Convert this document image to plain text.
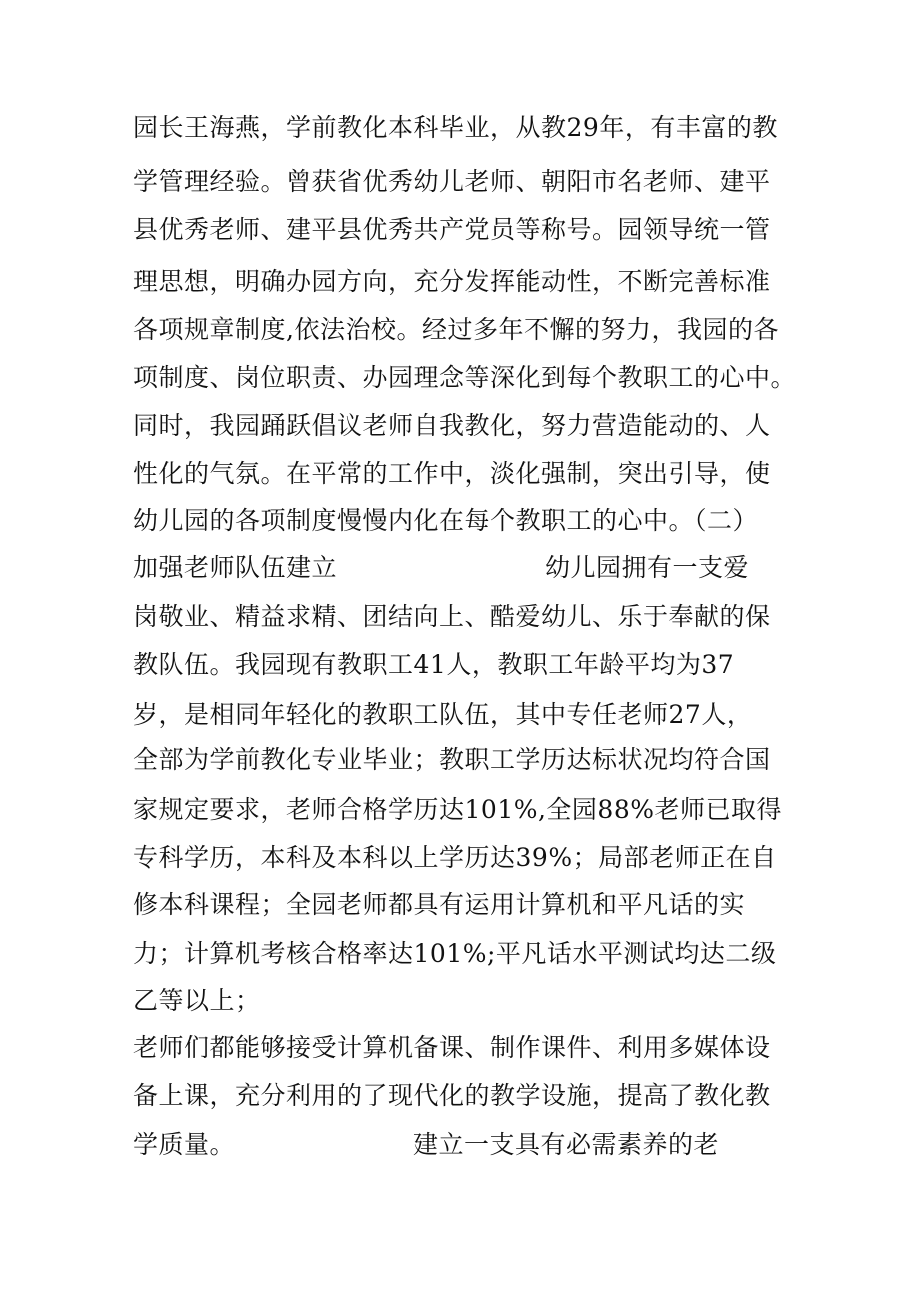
园长王海燕，学前教化本科毕业，从教29年，有丰富的教
学管理经验。曾获省优秀幼儿老师、朝阳市名老师、建平
县优秀老师、建平县优秀共产党员等称号。园领导统一管
理思想，明确办园方向，充分发挥能动性，不断完善标准
各项规章制度,依法治校。经过多年不懈的努力，我园的各
项制度、岗位职责、办园理念等深化到每个教职工的心中。
同时，我园踊跃倡议老师自我教化，努力营造能动的、人
性化的气氛。在平常的工作中，淡化强制，突出引导，使
幼儿园的各项制度慢慢内化在每个教职工的心中。（二）
加强老师队伍建立	幼儿园拥有一支爱
岗敬业、精益求精、团结向上、酷爱幼儿、乐于奉献的保
教队伍。我园现有教职工41人，教职工年龄平均为37
岁，是相同年轻化的教职工队伍，其中专任老师27人，
全部为学前教化专业毕业；教职工学历达标状况均符合国
家规定要求，老师合格学历达101%,全园88%老师已取得
专科学历，本科及本科以上学历达39%；局部老师正在自
修本科课程；全园老师都具有运用计算机和平凡话的实
力；计算机考核合格率达101%;平凡话水平测试均达二级
乙等以上；
老师们都能够接受计算机备课、制作课件、利用多媒体设
备上课，充分利用的了现代化的教学设施，提高了教化教
学质量。	建立一支具有必需素养的老
